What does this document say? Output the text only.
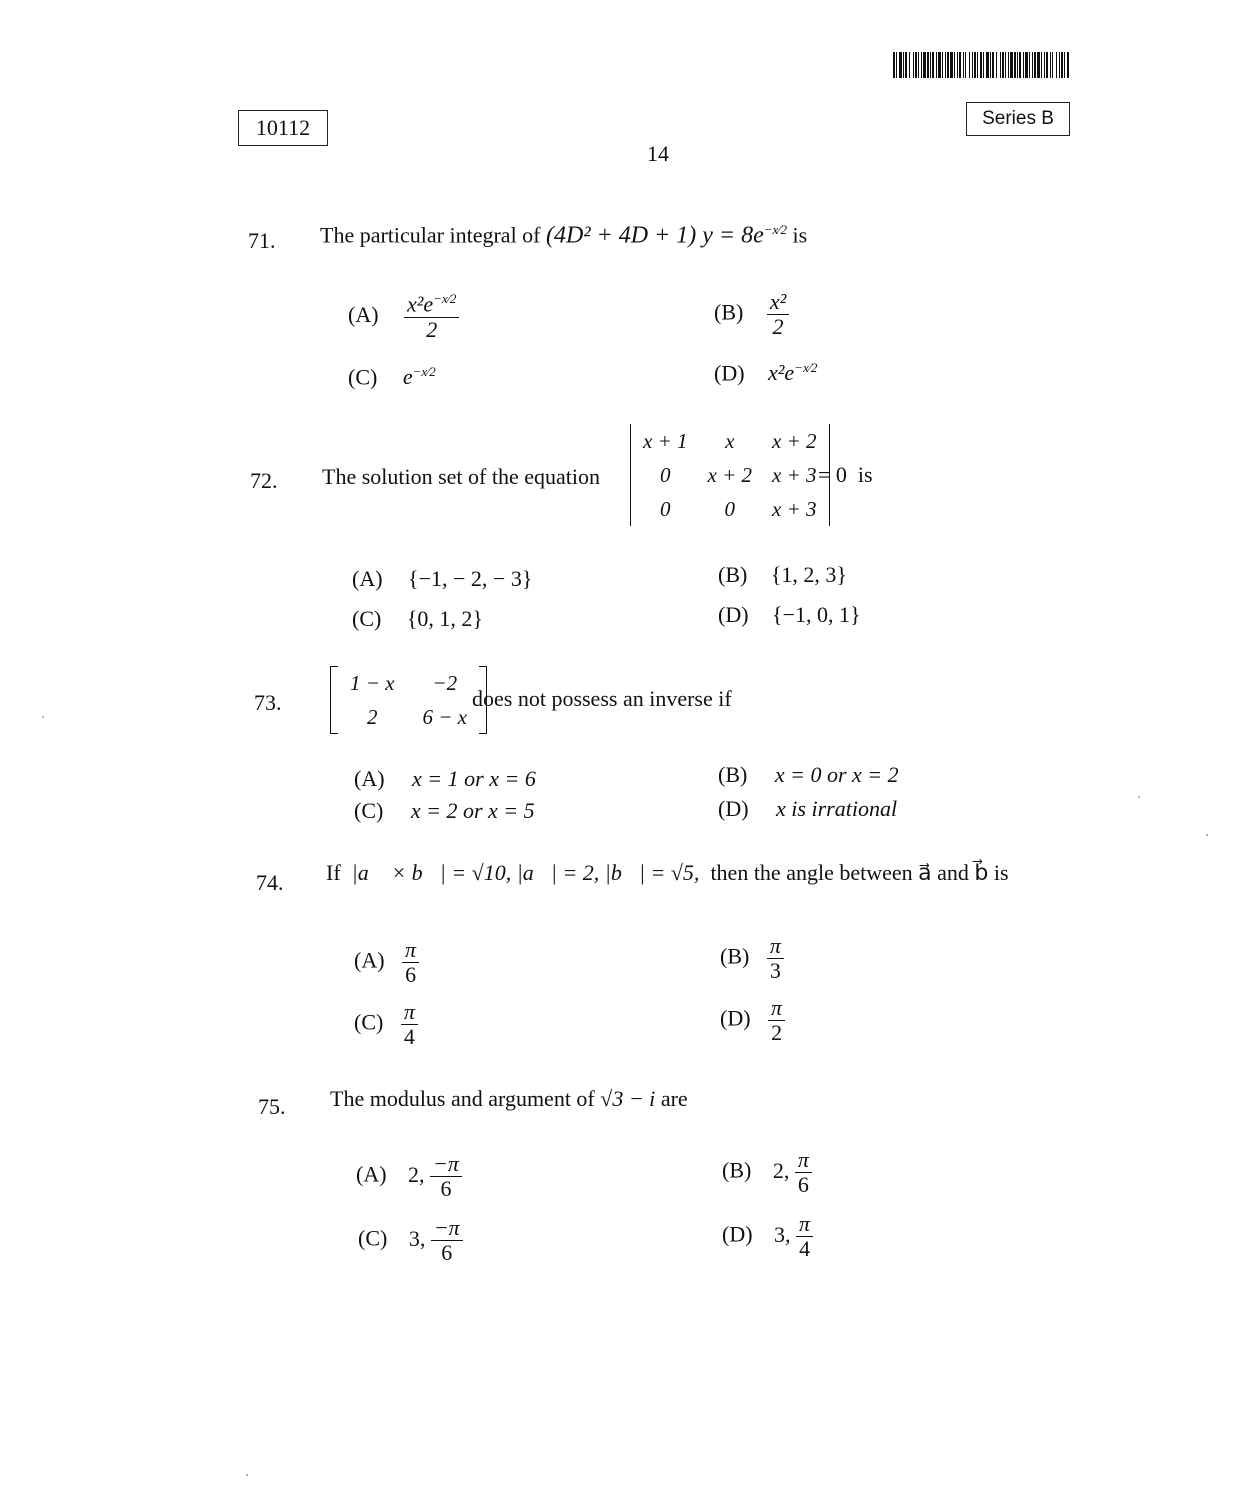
10112	Series B
14
71. The particular integral of (4D² + 4D + 1) $y = 8e^{-x⁄2}$ is
$(A) \frac{x^2e^{-x⁄2}}{2}$	$(B) \frac{\text{x²}}{2}$
(C) $e^{-x⁄2}$	(D) $x^2e^{-x⁄2}$
72. The solution set of the equation
x + 1	x	x + 2
0	x + 2	x + 3
0	0	x + 3
= 0 is
(A) {−1, − 2, − 3}	(B) {1, 2, 3}
(C) {0, 1, 2}	(D) {−1, 0, 1}
73.
1 − x	−2
2	6 − x
does not possess an inverse if
(A) x = 1 or x = 6	(B) x = 0 or x = 2
(C) x = 2 or x = 5	(D) x is irrational
74. If |a⃗ × b⃗| = √10, |a⃗| = 2, |b⃗| = √5, then the angle between a⃗ and b⃗ is
$(A) \frac{\pi}{6}$	$(B) \frac{\pi}{3}$
$(C) \frac{\pi}{4}$	$(D) \frac{\pi}{2}$
75. The modulus and argument of √3 − i are
(A) 2, $\frac{-\pi}{6}$	(B) 2, $\frac{\pi}{6}$
(C) 3, $\frac{-\pi}{6}$	(D) 3, $\frac{\pi}{4}$
